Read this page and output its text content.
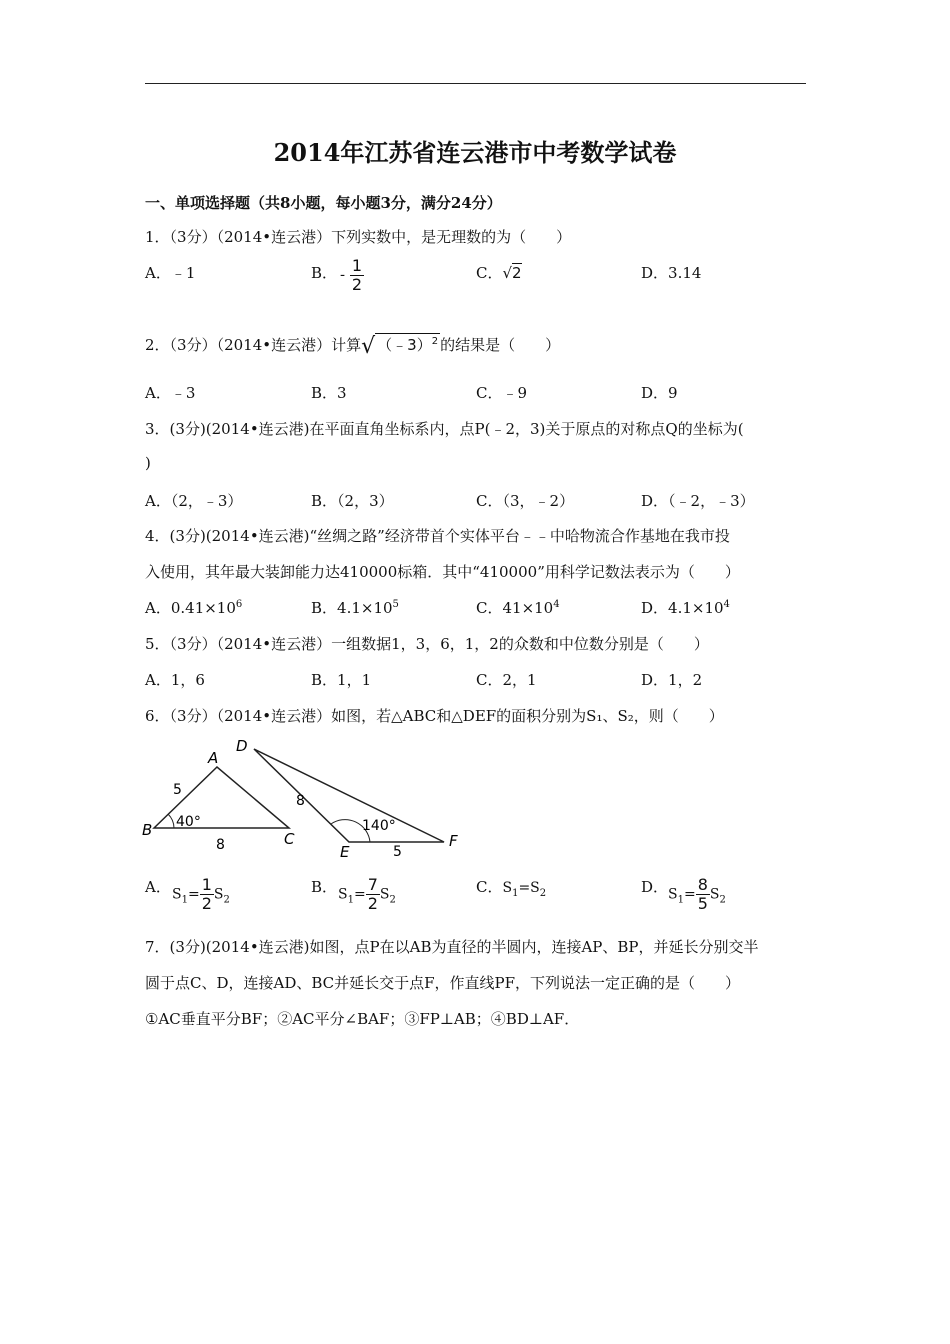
2014年江苏省连云港市中考数学试卷
一、单项选择题（共8小题，每小题3分，满分24分）
1．（3分）（2014•连云港）下列实数中，是无理数的为（　　）
A．﹣1	B． - $\frac{1}{2}$	C．√2	D．3.14
2．（3分）（2014•连云港）计算√ （﹣3）$^2$ 的结果是（　　）
A．﹣3	B．3	C．﹣9	D．9
3．(3分)(2014•连云港)在平面直角坐标系内，点P(﹣2，3)关于原点的对称点Q的坐标为(
)
A．（2，﹣3）	B．（2，3）	C．（3，﹣2）	D．（﹣2，﹣3）
4．(3分)(2014•连云港)“丝绸之路”经济带首个实体平台﹣﹣中哈物流合作基地在我市投
入使用，其年最大装卸能力达410000标箱．其中“410000”用科学记数法表示为（　　）
A．$0.41\times 10^6$	B．$4.1\times 10^5$	C．$41\times 10^4$	D．$4.1\times 10^4$
5．（3分）（2014•连云港）一组数据1，3，6，1，2的众数和中位数分别是（　　）
A．1，6	B．1，1	C．2，1	D．1，2
6．（3分）（2014•连云港）如图，若△ABC和△DEF的面积分别为S₁、S₂，则（　　）
A
B	C
5
8
40°
D
E
F
8
5
140°
A． $S_1= \frac{1}{2} S_2$
B． $S_1= \frac{7}{2} S_2$
C．$S_1=S_2$	D． $S_1= \frac{8}{5} S_2$
7．(3分)(2014•连云港)如图，点P在以AB为直径的半圆内，连接AP、BP，并延长分别交半
圆于点C、D，连接AD、BC并延长交于点F，作直线PF，下列说法一定正确的是（　　）
①AC垂直平分BF；②AC平分∠BAF；③FP⊥AB；④BD⊥AF．
